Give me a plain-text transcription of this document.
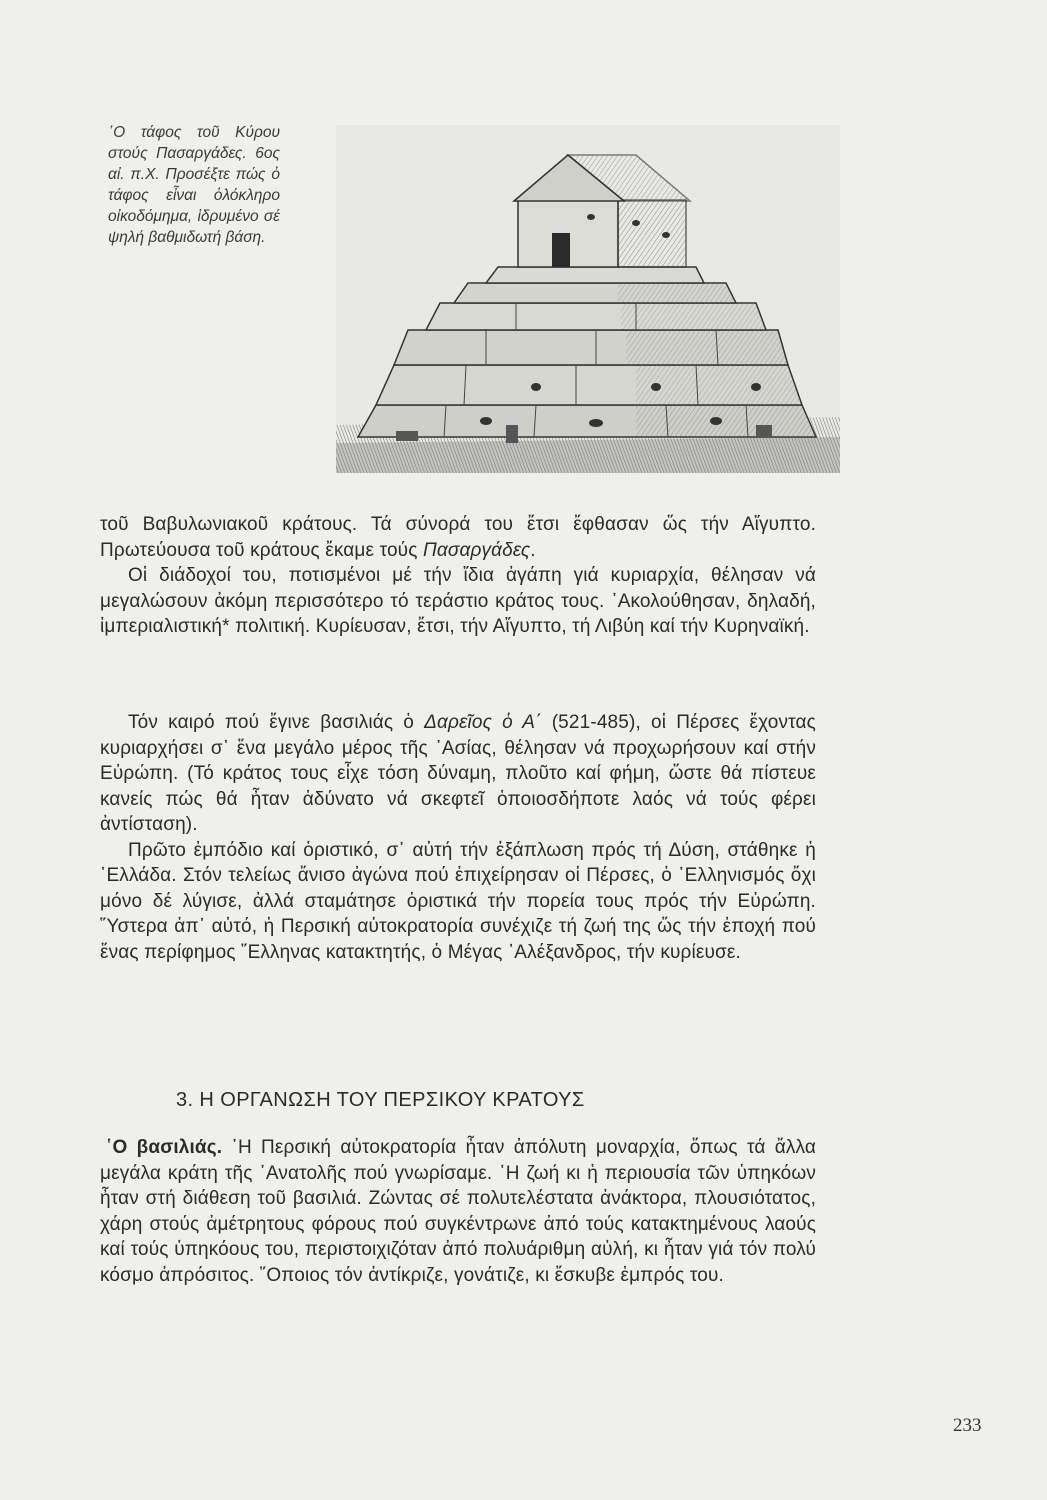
῾Ο τάφος τοῦ Κύρου στούς Πασαργάδες. 6ος αἰ. π.Χ. Προσέξτε πώς ὁ τάφος εἶναι ὁλόκληρο οἰκοδόμημα, ἱδρυμένο σέ ψηλή βαθμιδωτή βάση.

τοῦ Βαβυλωνιακοῦ κράτους. Τά σύνορά του ἔτσι ἔφθασαν ὥς τήν Αἴγυπτο. Πρωτεύουσα τοῦ κράτους ἔκαμε τούς Πασαργάδες.

Οἱ διάδοχοί του, ποτισμένοι μέ τήν ἴδια ἀγάπη γιά κυριαρχία, θέλησαν νά μεγαλώσουν ἀκόμη περισσότερο τό τεράστιο κράτος τους. ᾿Ακολούθησαν, δηλαδή, ἰμπεριαλιστική* πολιτική. Κυρίευσαν, ἔτσι, τήν Αἴγυπτο, τή Λιβύη καί τήν Κυρηναϊκή.

Τόν καιρό πού ἔγινε βασιλιάς ὁ Δαρεῖος ὁ Α΄ (521-485), οἱ Πέρσες ἔχοντας κυριαρχήσει σ᾿ ἕνα μεγάλο μέρος τῆς ᾿Ασίας, θέλησαν νά προχωρήσουν καί στήν Εὐρώπη. (Τό κράτος τους εἶχε τόση δύναμη, πλοῦτο καί φήμη, ὥστε θά πίστευε κανείς πώς θά ἦταν ἀδύνατο νά σκεφτεῖ ὁποιοσδήποτε λαός νά τούς φέρει ἀντίσταση).

Πρῶτο ἐμπόδιο καί ὁριστικό, σ᾿ αὐτή τήν ἐξάπλωση πρός τή Δύση, στάθηκε ἡ ῾Ελλάδα. Στόν τελείως ἄνισο ἀγώνα πού ἐπιχείρησαν οἱ Πέρσες, ὁ ῾Ελληνισμός ὄχι μόνο δέ λύγισε, ἀλλά σταμάτησε ὁριστικά τήν πορεία τους πρός τήν Εὐρώπη. ῞Υστερα ἀπ᾿ αὐτό, ἡ Περσική αὐτοκρατορία συνέχιζε τή ζωή της ὥς τήν ἐποχή πού ἕνας περίφημος ῞Ελληνας κατακτητής, ὁ Μέγας ᾿Αλέξανδρος, τήν κυρίευσε.

3. Η ΟΡΓΑΝΩΣΗ ΤΟΥ ΠΕΡΣΙΚΟΥ ΚΡΑΤΟΥΣ

῾Ο βασιλιάς. ῾Η Περσική αὐτοκρατορία ἦταν ἀπόλυτη μοναρχία, ὅπως τά ἄλλα μεγάλα κράτη τῆς ᾿Ανατολῆς πού γνωρίσαμε. ῾Η ζωή κι ἡ περιουσία τῶν ὑπηκόων ἦταν στή διάθεση τοῦ βασιλιά. Ζώντας σέ πολυτελέστατα ἀνάκτορα, πλουσιότατος, χάρη στούς ἀμέτρητους φόρους πού συγκέντρωνε ἀπό τούς κατακτημένους λαούς καί τούς ὑπηκόους του, περιστοιχιζόταν ἀπό πολυάριθμη αὐλή, κι ἦταν γιά τόν πολύ κόσμο ἀπρόσιτος. ῞Οποιος τόν ἀντίκριζε, γονάτιζε, κι ἔσκυβε ἐμπρός του.

233
